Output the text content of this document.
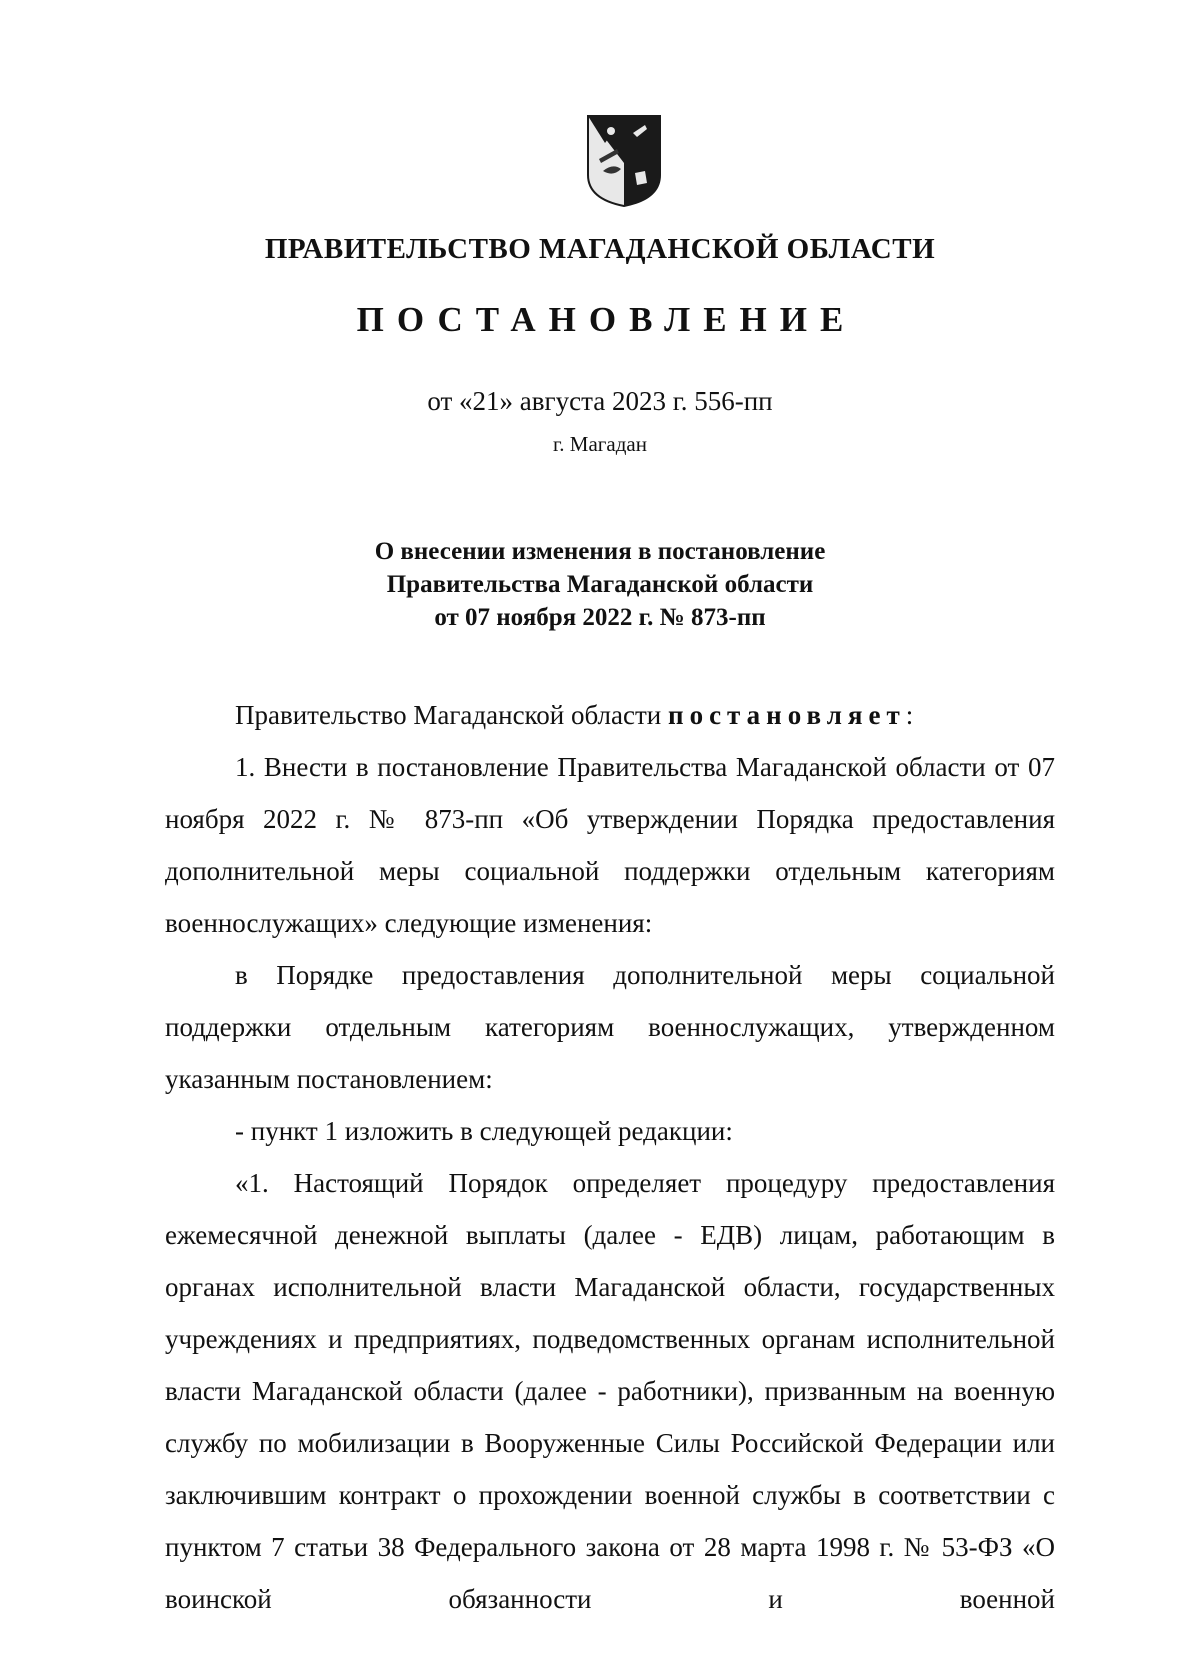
ПРАВИТЕЛЬСТВО МАГАДАНСКОЙ ОБЛАСТИ
ПОСТАНОВЛЕНИЕ
от «21» августа 2023 г. 556-пп
г. Магадан
О внесении изменения в постановление
Правительства Магаданской области
от 07 ноября 2022 г. № 873-пп

Правительство Магаданской области постановляет:

1. Внести в постановление Правительства Магаданской области от 07 ноября 2022 г. № 873-пп «Об утверждении Порядка предоставления дополнительной меры социальной поддержки отдельным категориям военнослужащих» следующие изменения:

в Порядке предоставления дополнительной меры социальной поддержки отдельным категориям военнослужащих, утвержденном указанным постановлением:

- пункт 1 изложить в следующей редакции:

«1. Настоящий Порядок определяет процедуру предоставления ежемесячной денежной выплаты (далее - ЕДВ) лицам, работающим в органах исполнительной власти Магаданской области, государственных учреждениях и предприятиях, подведомственных органам исполнительной власти Магаданской области (далее - работники), призванным на военную службу по мобилизации в Вооруженные Силы Российской Федерации или заключившим контракт о прохождении военной службы в соответствии с пунктом 7 статьи 38 Федерального закона от 28 марта 1998 г. № 53-ФЗ «О воинской обязанности и военной
